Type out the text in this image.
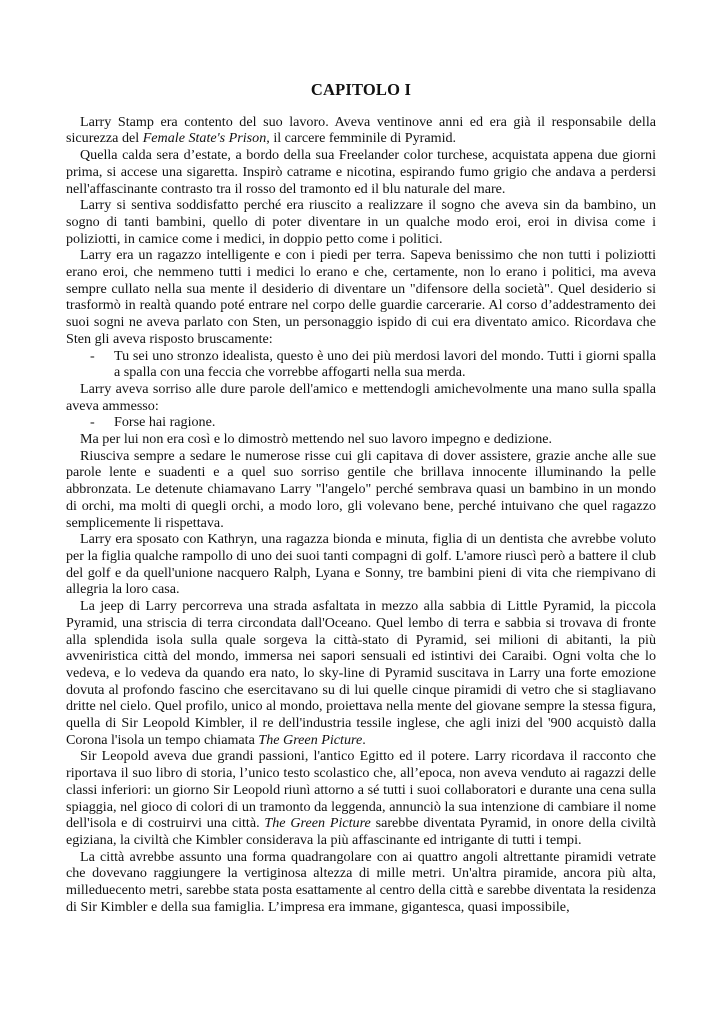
CAPITOLO I

Larry Stamp era contento del suo lavoro. Aveva ventinove anni ed era già il responsabile della sicurezza del Female State's Prison, il carcere femminile di Pyramid.

Quella calda sera d’estate, a bordo della sua Freelander color turchese, acquistata appena due giorni prima, si accese una sigaretta. Inspirò catrame e nicotina, espirando fumo grigio che andava a perdersi nell'affascinante contrasto tra il rosso del tramonto ed il blu naturale del mare.

Larry si sentiva soddisfatto perché era riuscito a realizzare il sogno che aveva sin da bambino, un sogno di tanti bambini, quello di poter diventare in un qualche modo eroi, eroi in divisa come i poliziotti, in camice come i medici, in doppio petto come i politici.

Larry era un ragazzo intelligente e con i piedi per terra. Sapeva benissimo che non tutti i poliziotti erano eroi, che nemmeno tutti i medici lo erano e che, certamente, non lo erano i politici, ma aveva sempre cullato nella sua mente il desiderio di diventare un "difensore della società". Quel desiderio si trasformò in realtà quando poté entrare nel corpo delle guardie carcerarie. Al corso d’addestramento dei suoi sogni ne aveva parlato con Sten, un personaggio ispido di cui era diventato amico. Ricordava che Sten gli aveva risposto bruscamente:

-	Tu sei uno stronzo idealista, questo è uno dei più merdosi lavori del mondo. Tutti i giorni spalla a spalla con una feccia che vorrebbe affogarti nella sua merda.

Larry aveva sorriso alle dure parole dell'amico e mettendogli amichevolmente una mano sulla spalla aveva ammesso:

-	Forse hai ragione.

Ma per lui non era così e lo dimostrò mettendo nel suo lavoro impegno e dedizione.

Riusciva sempre a sedare le numerose risse cui gli capitava di dover assistere, grazie anche alle sue parole lente e suadenti e a quel suo sorriso gentile che brillava innocente illuminando la pelle abbronzata. Le detenute chiamavano Larry "l'angelo" perché sembrava quasi un bambino in un mondo di orchi, ma molti di quegli orchi, a modo loro, gli volevano bene, perché intuivano che quel ragazzo semplicemente li rispettava.

Larry era sposato con Kathryn, una ragazza bionda e minuta, figlia di un dentista che avrebbe voluto per la figlia qualche rampollo di uno dei suoi tanti compagni di golf. L'amore riuscì però a battere il club del golf e da quell'unione nacquero Ralph, Lyana e Sonny, tre bambini pieni di vita che riempivano di allegria la loro casa.

La jeep di Larry percorreva una strada asfaltata in mezzo alla sabbia di Little Pyramid, la piccola Pyramid, una striscia di terra circondata dall'Oceano. Quel lembo di terra e sabbia si trovava di fronte alla splendida isola sulla quale sorgeva la città-stato di Pyramid, sei milioni di abitanti, la più avveniristica città del mondo, immersa nei sapori sensuali ed istintivi dei Caraibi. Ogni volta che lo vedeva, e lo vedeva da quando era nato, lo sky-line di Pyramid suscitava in Larry una forte emozione dovuta al profondo fascino che esercitavano su di lui quelle cinque piramidi di vetro che si stagliavano dritte nel cielo. Quel profilo, unico al mondo, proiettava nella mente del giovane sempre la stessa figura, quella di Sir Leopold Kimbler, il re dell'industria tessile inglese, che agli inizi del '900 acquistò dalla Corona l'isola un tempo chiamata The Green Picture.

Sir Leopold aveva due grandi passioni, l'antico Egitto ed il potere. Larry ricordava il racconto che riportava il suo libro di storia, l’unico testo scolastico che, all’epoca, non aveva venduto ai ragazzi delle classi inferiori: un giorno Sir Leopold riunì attorno a sé tutti i suoi collaboratori e durante una cena sulla spiaggia, nel gioco di colori di un tramonto da leggenda, annunciò la sua intenzione di cambiare il nome dell'isola e di costruirvi una città. The Green Picture sarebbe diventata Pyramid, in onore della civiltà egiziana, la civiltà che Kimbler considerava la più affascinante ed intrigante di tutti i tempi.

La città avrebbe assunto una forma quadrangolare con ai quattro angoli altrettante piramidi vetrate che dovevano raggiungere la vertiginosa altezza di mille metri. Un'altra piramide, ancora più alta, milleduecento metri, sarebbe stata posta esattamente al centro della città e sarebbe diventata la residenza di Sir Kimbler e della sua famiglia. L’impresa era immane, gigantesca, quasi impossibile,
